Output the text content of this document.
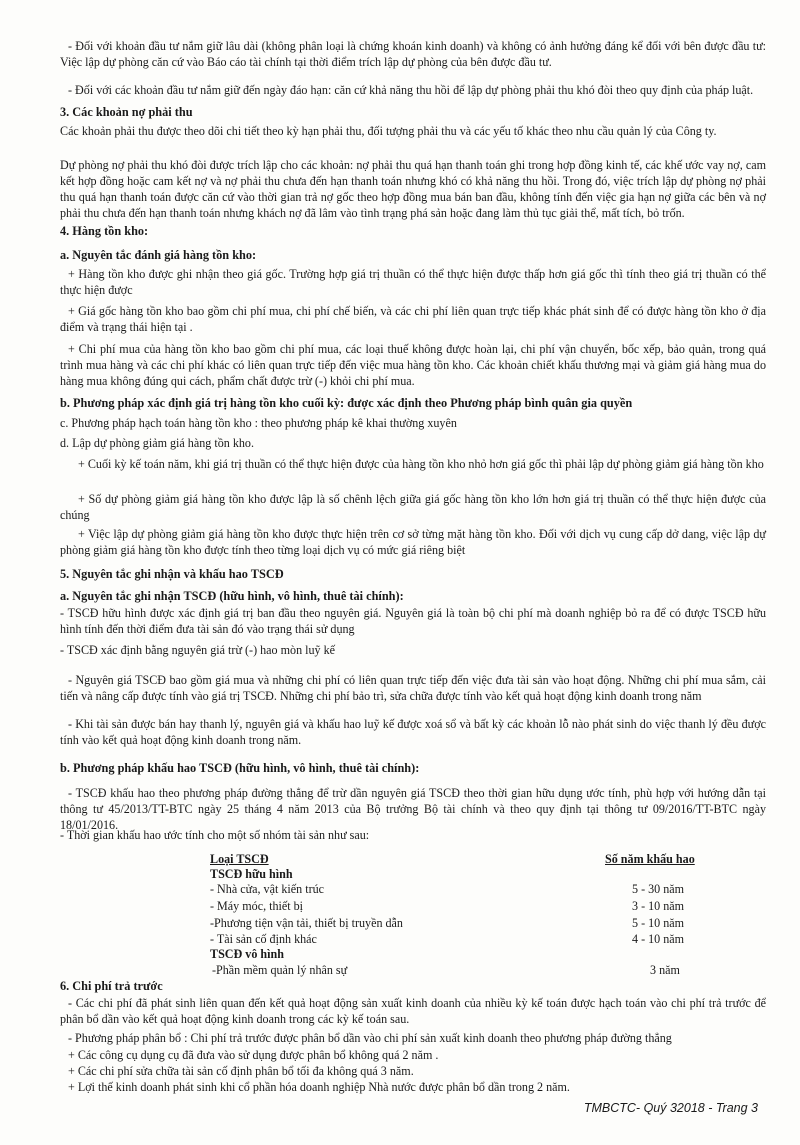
- Đối với khoản đầu tư nắm giữ lâu dài (không phân loại là chứng khoán kinh doanh) và không có ảnh hưởng đáng kể đối với bên được đầu tư: Việc lập dự phòng căn cứ vào Báo cáo tài chính tại thời điểm trích lập dự phòng của bên được đầu tư.

- Đối với các khoản đầu tư nắm giữ đến ngày đáo hạn: căn cứ khả năng thu hồi để lập dự phòng phải thu khó đòi theo quy định của pháp luật.

3. Các khoản nợ phải thu

Các khoản phải thu được theo dõi chi tiết theo kỳ hạn phải thu, đối tượng phải thu và các yếu tố khác theo nhu cầu quản lý của Công ty.

Dự phòng nợ phải thu khó đòi được trích lập cho các khoản: nợ phải thu quá hạn thanh toán ghi trong hợp đồng kinh tế, các khế ước vay nợ, cam kết hợp đồng hoặc cam kết nợ và nợ phải thu chưa đến hạn thanh toán nhưng khó có khả năng thu hồi. Trong đó, việc trích lập dự phòng nợ phải thu quá hạn thanh toán được căn cứ vào thời gian trả nợ gốc theo hợp đồng mua bán ban đầu, không tính đến việc gia hạn nợ giữa các bên và nợ phải thu chưa đến hạn thanh toán nhưng khách nợ đã lâm vào tình trạng phá sản hoặc đang làm thủ tục giải thể, mất tích, bỏ trốn.

4. Hàng tồn kho:

a. Nguyên tắc đánh giá hàng tồn kho:

+ Hàng tồn kho được ghi nhận theo giá gốc. Trường hợp giá trị thuần có thể thực hiện được thấp hơn giá gốc thì tính theo giá trị thuần có thể thực hiện được

+ Giá gốc hàng tồn kho bao gồm chi phí mua, chi phí chế biến, và các chi phí liên quan trực tiếp khác phát sinh để có được hàng tồn kho ở địa điểm và trạng thái hiện tại .

+ Chi phí mua của hàng tồn kho bao gồm chi phí mua, các loại thuế không được hoàn lại, chi phí vận chuyển, bốc xếp, bảo quản, trong quá trình mua hàng và các chi phí khác có liên quan trực tiếp đến việc mua hàng tồn kho. Các khoản chiết khấu thương mại và giảm giá hàng mua do hàng mua không đúng qui cách, phẩm chất được trừ (-) khỏi chi phí mua.

b. Phương pháp xác định giá trị hàng tồn kho cuối kỳ: được xác định theo Phương pháp bình quân gia quyền

c. Phương pháp hạch toán hàng tồn kho : theo phương pháp kê khai thường xuyên

d. Lập dự phòng giảm giá hàng tồn kho.

+ Cuối kỳ kế toán năm, khi giá trị thuần có thể thực hiện được của hàng tồn kho nhỏ hơn giá gốc thì phải lập dự phòng giảm giá hàng tồn kho

+ Số dự phòng giảm giá hàng tồn kho được lập là số chênh lệch giữa giá gốc hàng tồn kho lớn hơn giá trị thuần có thể thực hiện được của chúng

+ Việc lập dự phòng giảm giá hàng tồn kho được thực hiện trên cơ sở từng mặt hàng tồn kho. Đối với dịch vụ cung cấp dở dang, việc lập dự phòng giảm giá hàng tồn kho được tính theo từng loại dịch vụ có mức giá riêng biệt

5. Nguyên tắc ghi nhận và khấu hao TSCĐ

a. Nguyên tắc ghi nhận TSCĐ (hữu hình, vô hình, thuê tài chính):

- TSCĐ hữu hình được xác định giá trị ban đầu theo nguyên giá. Nguyên giá là toàn bộ chi phí mà doanh nghiệp bỏ ra để có được TSCĐ hữu hình tính đến thời điểm đưa tài sản đó vào trạng thái sử dụng

- TSCĐ xác định bằng nguyên giá trừ (-) hao mòn luỹ kế

- Nguyên giá TSCĐ bao gồm giá mua và những chi phí có liên quan trực tiếp đến việc đưa tài sản vào hoạt động. Những chi phí mua sắm, cải tiến và nâng cấp được tính vào giá trị TSCĐ. Những chi phí bảo trì, sửa chữa được tính vào kết quả hoạt động kinh doanh trong năm

- Khi tài sản được bán hay thanh lý, nguyên giá và khấu hao luỹ kế được xoá sổ và bất kỳ các khoản lỗ nào phát sinh do việc thanh lý đều được tính vào kết quả hoạt động kinh doanh trong năm.

b. Phương pháp khấu hao TSCĐ (hữu hình, vô hình, thuê tài chính):

- TSCĐ khấu hao theo phương pháp đường thẳng để trừ dần nguyên giá TSCĐ theo thời gian hữu dụng ước tính, phù hợp với hướng dẫn tại thông tư 45/2013/TT-BTC ngày 25 tháng 4 năm 2013 của Bộ trưởng Bộ tài chính và theo quy định tại thông tư 09/2016/TT-BTC ngày 18/01/2016.

- Thời gian khấu hao ước tính cho một số nhóm tài sản như sau:

Loại TSCĐ	Số năm khấu hao
TSCĐ hữu hình
- Nhà cửa, vật kiến trúc	5 - 30 năm
- Máy móc, thiết bị	3 - 10 năm
-Phương tiện vận tải, thiết bị truyền dẫn	5 - 10 năm
- Tài sản cố định khác	4 - 10 năm
TSCĐ vô hình
-Phần mềm quản lý nhân sự	3 năm

6. Chi phí trả trước

- Các chi phí đã phát sinh liên quan đến kết quả hoạt động sản xuất kinh doanh của nhiều kỳ kế toán được hạch toán vào chi phí trả trước để phân bổ dần vào kết quả hoạt động kinh doanh trong các kỳ kế toán sau.

- Phương pháp phân bổ : Chi phí trả trước được phân bổ dần vào chi phí sản xuất kinh doanh theo phương pháp đường thẳng

+ Các công cụ dụng cụ đã đưa vào sử dụng được phân bổ không quá 2 năm .

+ Các chi phí sửa chữa tài sản cố định phân bổ tối đa không quá 3 năm.

+ Lợi thế kinh doanh phát sinh khi cổ phần hóa doanh nghiệp Nhà nước được phân bổ dần trong 2 năm.

TMBCTC- Quý 32018 - Trang 3
